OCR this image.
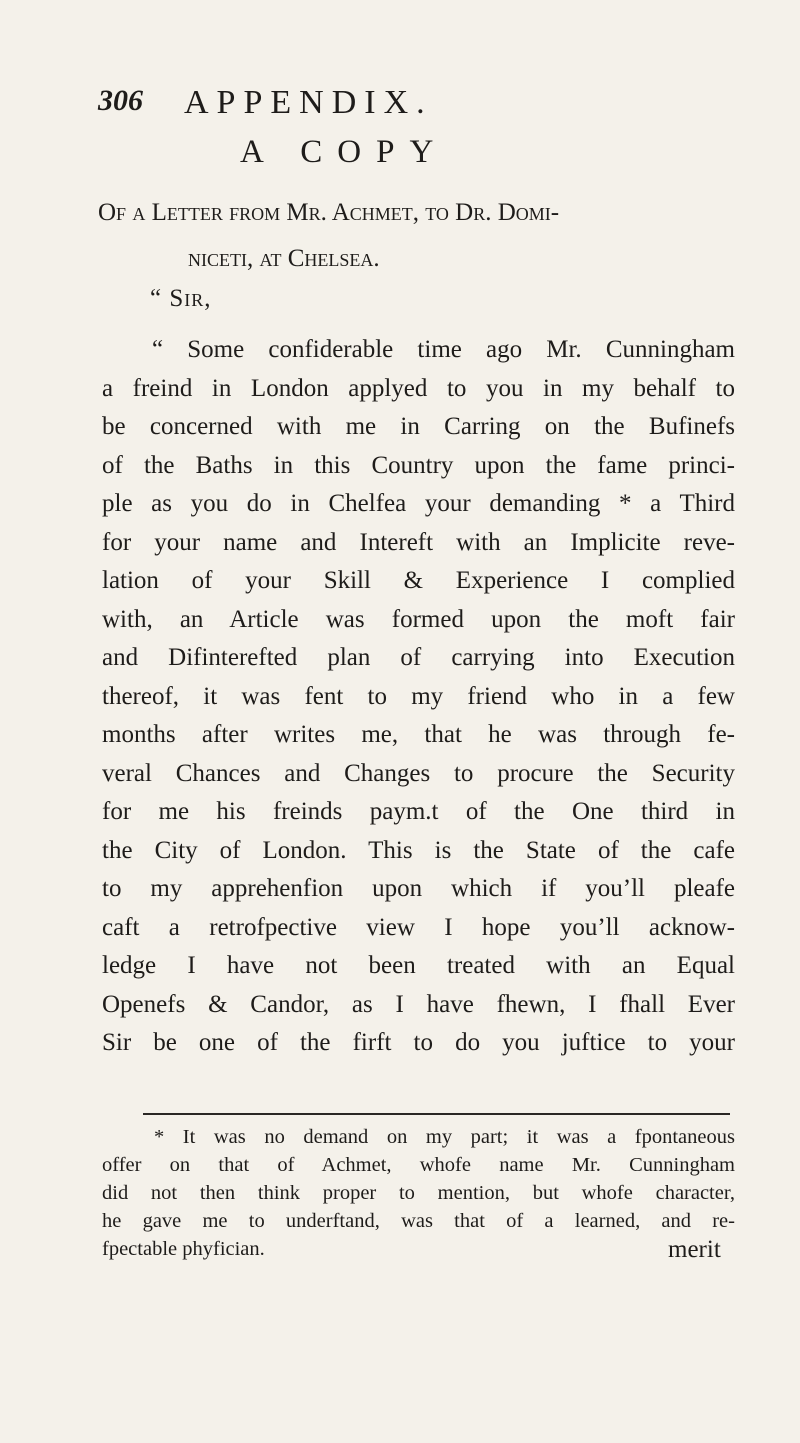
306 APPENDIX.
A COPY
Of a Letter from Mr. Achmet, to Dr. Domi-
niceti, at Chelsea.
“ Sir,
“ Some confiderable time ago Mr. Cunningham
a freind in London applyed to you in my behalf to
be concerned with me in Carring on the Bufinefs
of the Baths in this Country upon the fame princi-
ple as you do in Chelfea your demanding * a Third
for your name and Intereft with an Implicite reve-
lation of your Skill & Experience I complied
with, an Article was formed upon the moft fair
and Difinterefted plan of carrying into Execution
thereof, it was fent to my friend who in a few
months after writes me, that he was through fe-
veral Chances and Changes to procure the Security
for me his freinds paym.t of the One third in
the City of London. This is the State of the cafe
to my apprehenfion upon which if you’ll pleafe
caft a retrofpective view I hope you’ll acknow-
ledge I have not been treated with an Equal
Openefs & Candor, as I have fhewn, I fhall Ever
Sir be one of the firft to do you juftice to your
* It was no demand on my part; it was a fpontaneous
offer on that of Achmet, whofe name Mr. Cunningham
did not then think proper to mention, but whofe character,
he gave me to underftand, was that of a learned, and re-
fpectable phyfician.	merit
